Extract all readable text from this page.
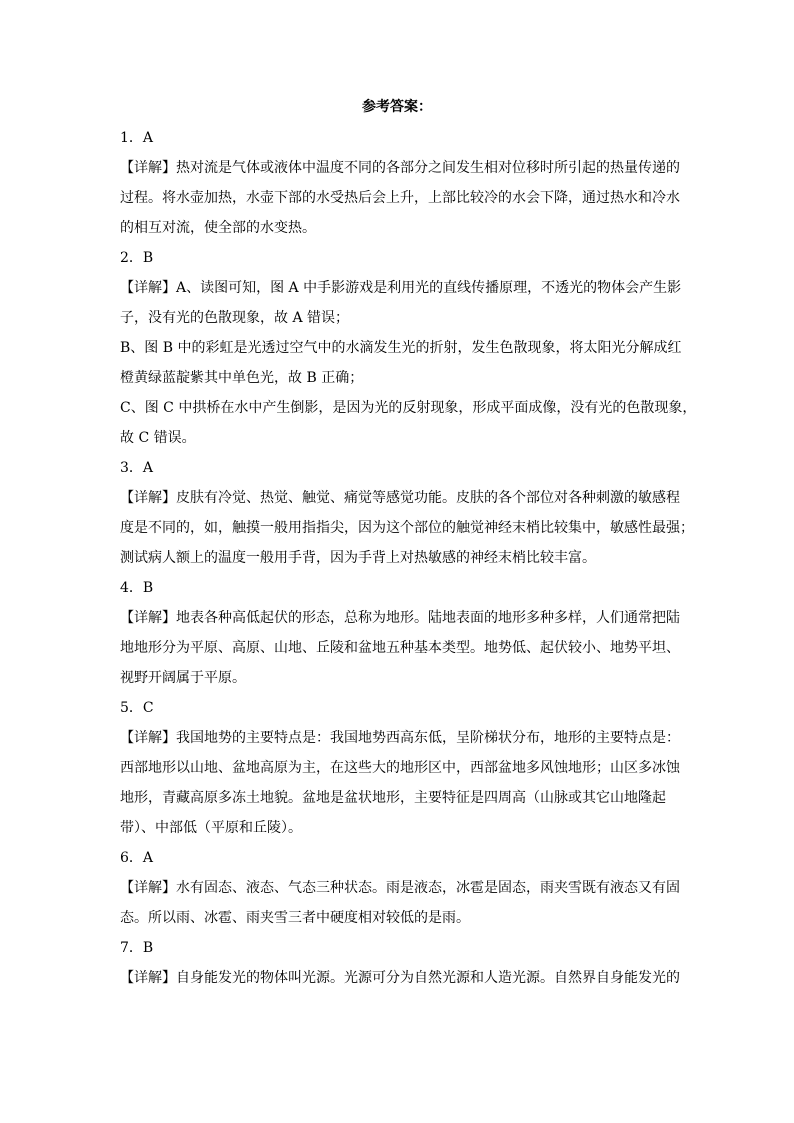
参考答案：
1．A
【详解】热对流是气体或液体中温度不同的各部分之间发生相对位移时所引起的热量传递的
过程。将水壶加热，水壶下部的水受热后会上升，上部比较冷的水会下降，通过热水和冷水
的相互对流，使全部的水变热。
2．B
【详解】A、读图可知，图 A 中手影游戏是利用光的直线传播原理，不透光的物体会产生影
子，没有光的色散现象，故 A 错误；
B、图 B 中的彩虹是光透过空气中的水滴发生光的折射，发生色散现象，将太阳光分解成红
橙黄绿蓝靛紫其中单色光，故 B 正确；
C、图 C 中拱桥在水中产生倒影，是因为光的反射现象，形成平面成像，没有光的色散现象，
故 C 错误。
3．A
【详解】皮肤有冷觉、热觉、触觉、痛觉等感觉功能。皮肤的各个部位对各种刺激的敏感程
度是不同的，如，触摸一般用指指尖，因为这个部位的触觉神经末梢比较集中，敏感性最强；
测试病人额上的温度一般用手背，因为手背上对热敏感的神经末梢比较丰富。
4．B
【详解】地表各种高低起伏的形态，总称为地形。陆地表面的地形多种多样，人们通常把陆
地地形分为平原、高原、山地、丘陵和盆地五种基本类型。地势低、起伏较小、地势平坦、
视野开阔属于平原。
5．C
【详解】我国地势的主要特点是：我国地势西高东低，呈阶梯状分布，地形的主要特点是：
西部地形以山地、盆地高原为主，在这些大的地形区中，西部盆地多风蚀地形；山区多冰蚀
地形，青藏高原多冻土地貌。盆地是盆状地形，主要特征是四周高（山脉或其它山地隆起
带）、中部低（平原和丘陵）。
6．A
【详解】水有固态、液态、气态三种状态。雨是液态，冰雹是固态，雨夹雪既有液态又有固
态。所以雨、冰雹、雨夹雪三者中硬度相对较低的是雨。
7．B
【详解】自身能发光的物体叫光源。光源可分为自然光源和人造光源。自然界自身能发光的
